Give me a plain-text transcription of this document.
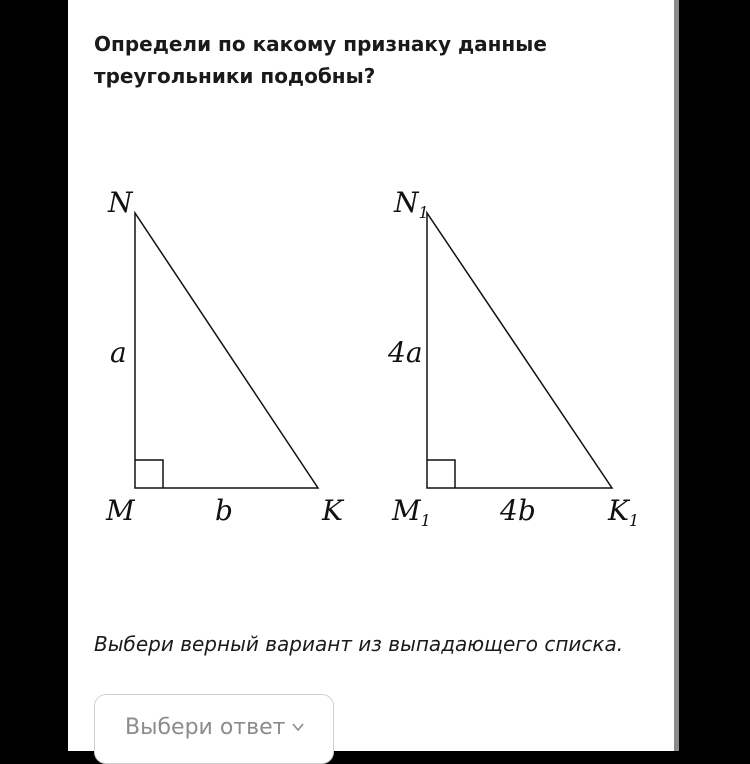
Определи по какому признаку данные
треугольники подобны?
N
M	K
a
b
$N_1$
$M_1$	$K_1$
4a
4b

Выбери верный вариант из выпадающего списка.

Выбери ответ
